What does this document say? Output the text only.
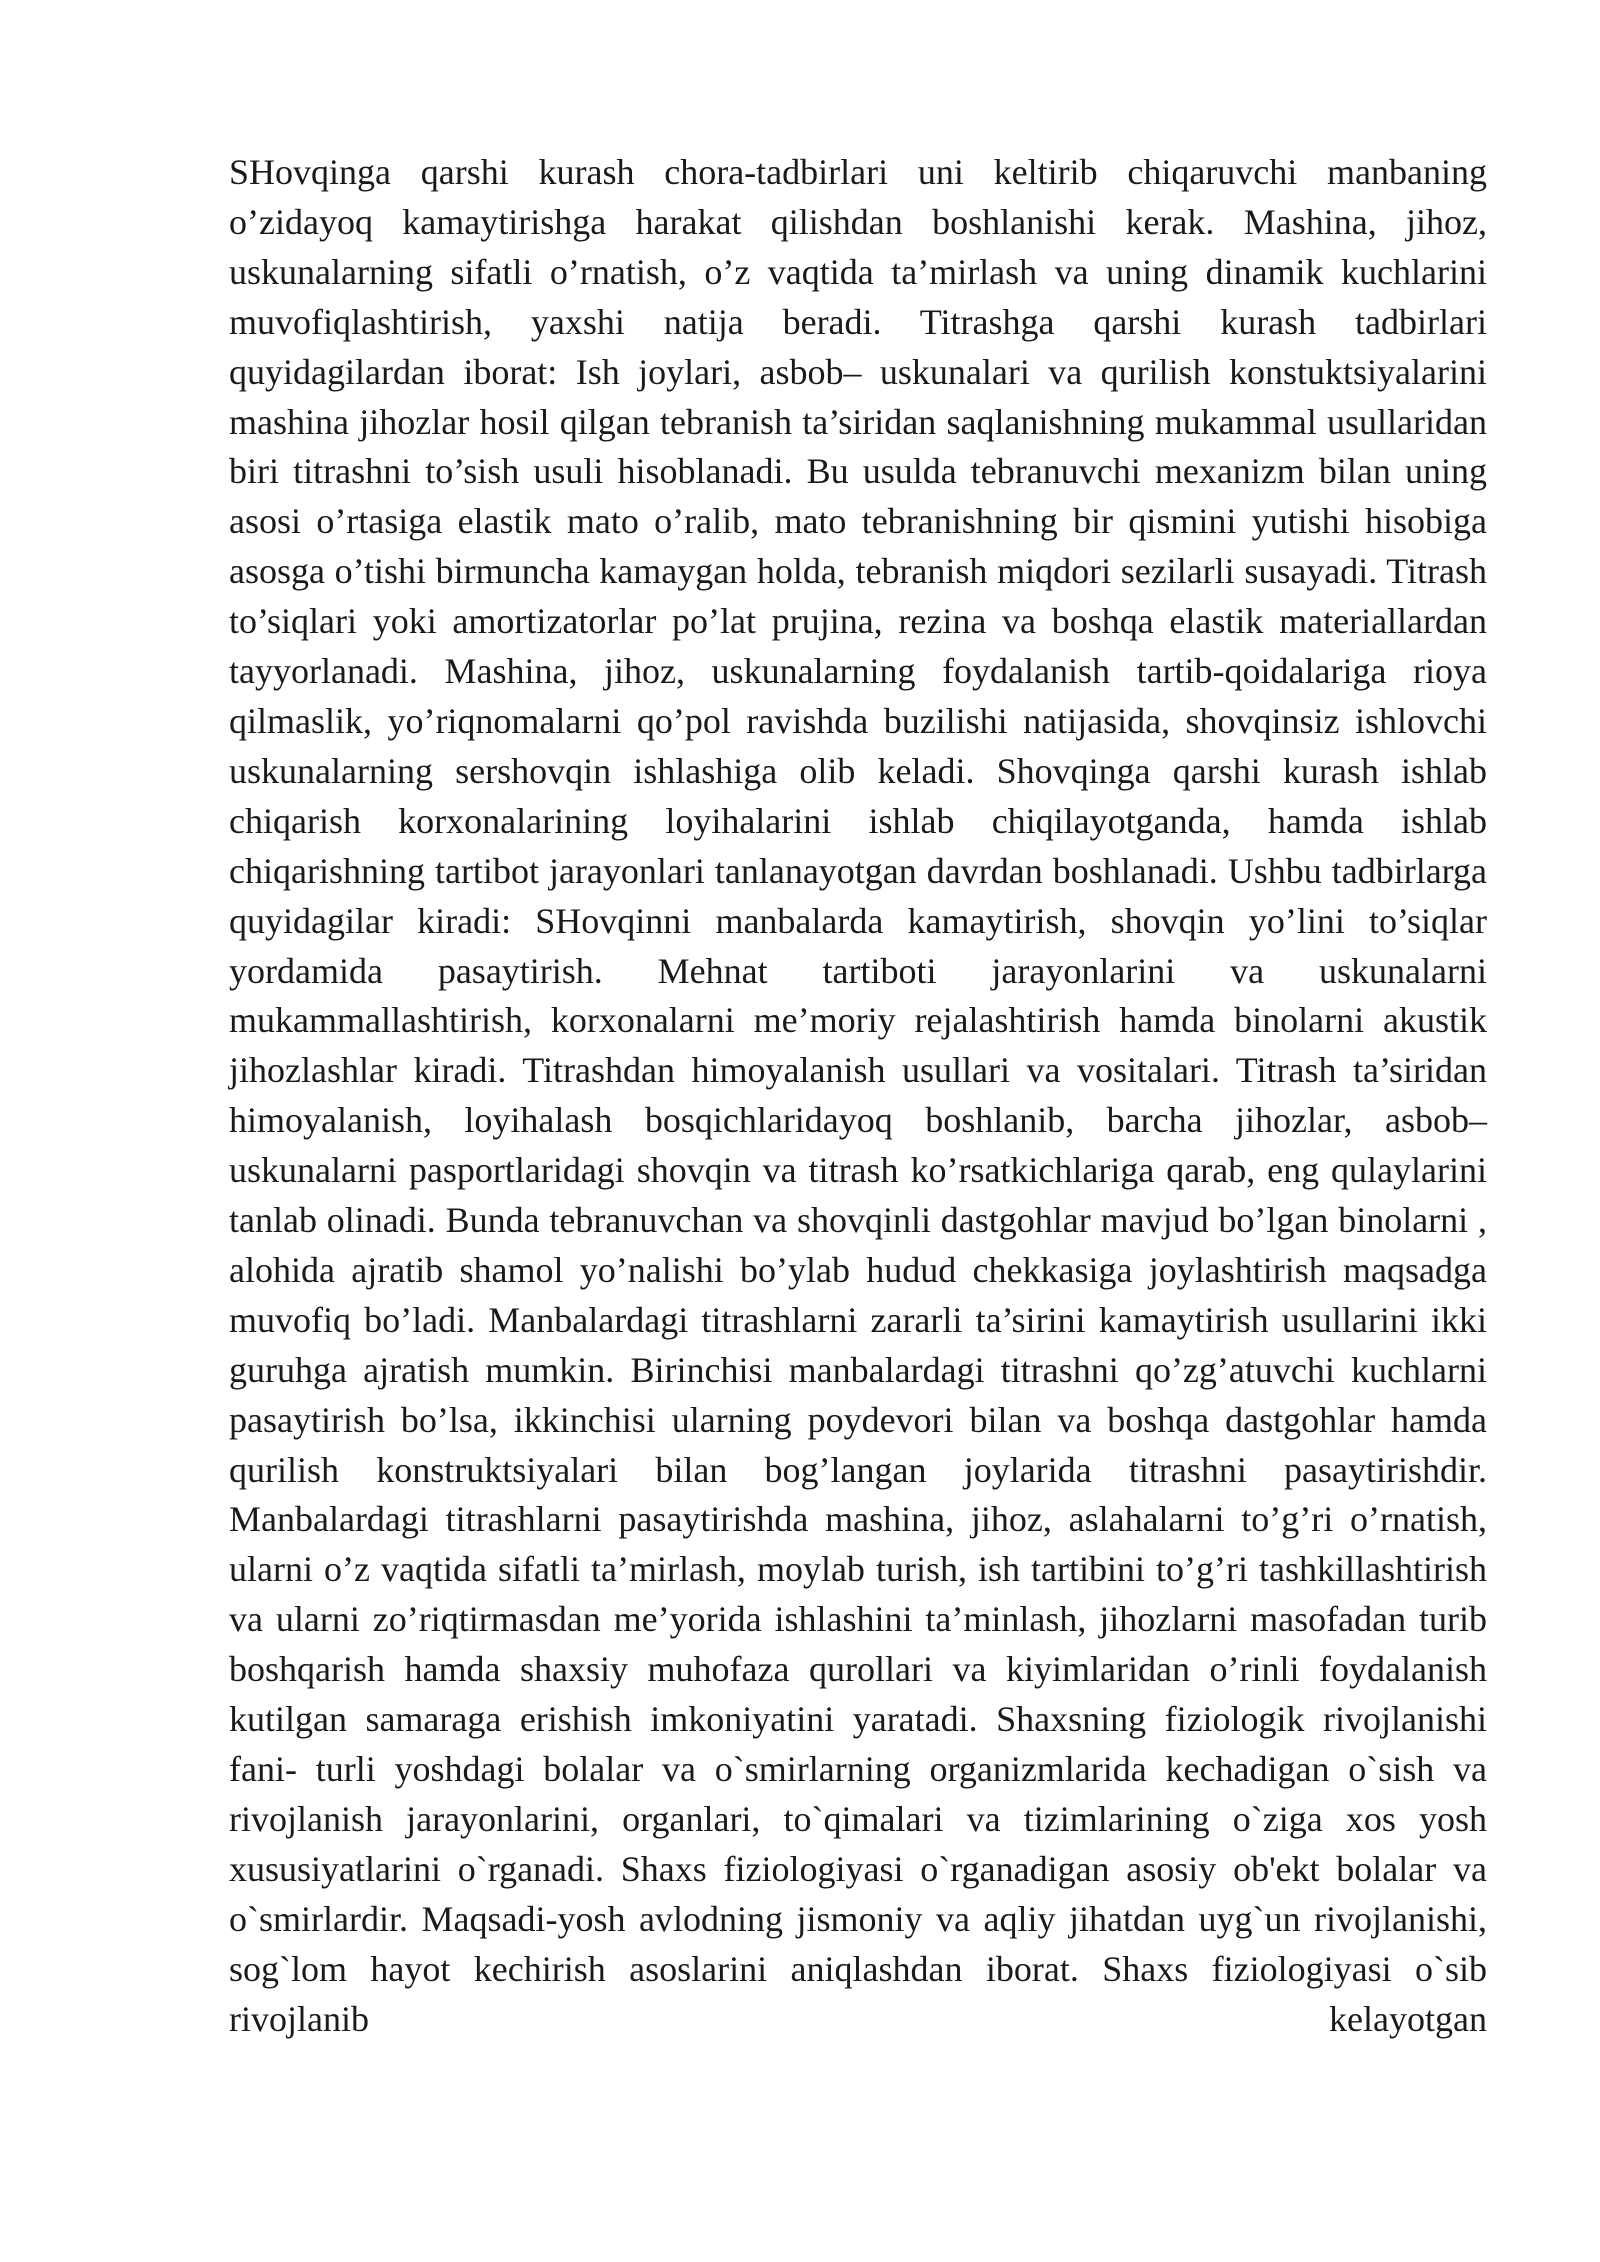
SHovqinga qarshi kurash chora-tadbirlari uni keltirib chiqaruvchi manbaning o’zidayoq kamaytirishga harakat qilishdan boshlanishi kerak. Mashina, jihoz, uskunalarning sifatli o’rnatish, o’z vaqtida ta’mirlash va uning dinamik kuchlarini muvofiqlashtirish, yaxshi natija beradi. Titrashga qarshi kurash tadbirlari quyidagilardan iborat: Ish joylari, asbob– uskunalari va qurilish konstuktsiyalarini mashina jihozlar hosil qilgan tebranish ta’siridan saqlanishning mukammal usullaridan biri titrashni to’sish usuli hisoblanadi. Bu usulda tebranuvchi mexanizm bilan uning asosi o’rtasiga elastik mato o’ralib, mato tebranishning bir qismini yutishi hisobiga asosga o’tishi birmuncha kamaygan holda, tebranish miqdori sezilarli susayadi. Titrash to’siqlari yoki amortizatorlar po’lat prujina, rezina va boshqa elastik materiallardan tayyorlanadi. Mashina, jihoz, uskunalarning foydalanish tartib-qoidalariga rioya qilmaslik, yo’riqnomalarni qo’pol ravishda buzilishi natijasida, shovqinsiz ishlovchi uskunalarning sershovqin ishlashiga olib keladi. Shovqinga qarshi kurash ishlab chiqarish korxonalarining loyihalarini ishlab chiqilayotganda, hamda ishlab chiqarishning tartibot jarayonlari tanlanayotgan davrdan boshlanadi. Ushbu tadbirlarga quyidagilar kiradi: SHovqinni manbalarda kamaytirish, shovqin yo’lini to’siqlar yordamida pasaytirish. Mehnat tartiboti jarayonlarini va uskunalarni mukammallashtirish, korxonalarni me’moriy rejalashtirish hamda binolarni akustik jihozlashlar kiradi. Titrashdan himoyalanish usullari va vositalari. Titrash ta’siridan himoyalanish, loyihalash bosqichlaridayoq boshlanib, barcha jihozlar, asbob– uskunalarni pasportlaridagi shovqin va titrash ko’rsatkichlariga qarab, eng qulaylarini tanlab olinadi. Bunda tebranuvchan va shovqinli dastgohlar mavjud bo’lgan binolarni , alohida ajratib shamol yo’nalishi bo’ylab hudud chekkasiga joylashtirish maqsadga muvofiq bo’ladi. Manbalardagi titrashlarni zararli ta’sirini kamaytirish usullarini ikki guruhga ajratish mumkin. Birinchisi manbalardagi titrashni qo’zg’atuvchi kuchlarni pasaytirish bo’lsa, ikkinchisi ularning poydevori bilan va boshqa dastgohlar hamda qurilish konstruktsiyalari bilan bog’langan joylarida titrashni pasaytirishdir. Manbalardagi titrashlarni pasaytirishda mashina, jihoz, aslahalarni to’g’ri o’rnatish, ularni o’z vaqtida sifatli ta’mirlash, moylab turish, ish tartibini to’g’ri tashkillashtirish va ularni zo’riqtirmasdan me’yorida ishlashini ta’minlash, jihozlarni masofadan turib boshqarish hamda shaxsiy muhofaza qurollari va kiyimlaridan o’rinli foydalanish kutilgan samaraga erishish imkoniyatini yaratadi. Shaxsning fiziologik rivojlanishi fani- turli yoshdagi bolalar va o`smirlarning organizmlarida kechadigan o`sish va rivojlanish jarayonlarini, organlari, to`qimalari va tizimlarining o`ziga xos yosh xususiyatlarini o`rganadi. Shaxs fiziologiyasi o`rganadigan asosiy ob'ekt bolalar va o`smirlardir. Maqsadi-yosh avlodning jismoniy va aqliy jihatdan uyg`un rivojlanishi, sog`lom hayot kechirish asoslarini aniqlashdan iborat. Shaxs fiziologiyasi o`sib rivojlanib kelayotgan
